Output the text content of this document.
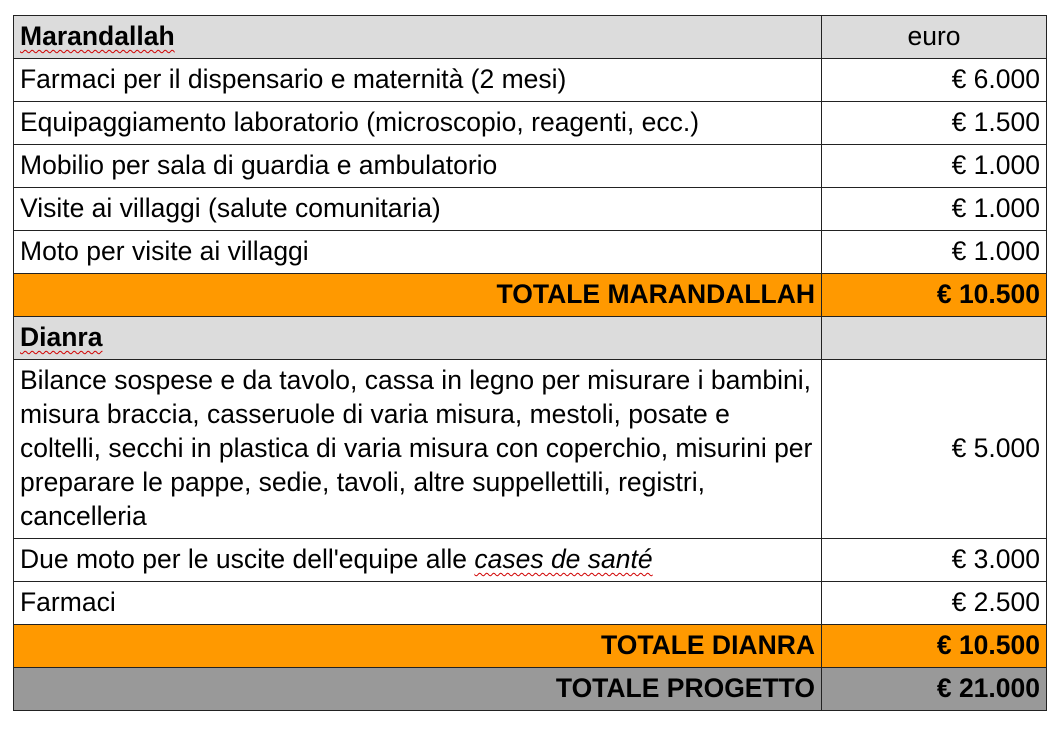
Marandallah	euro
Farmaci per il dispensario e maternità (2 mesi)	€ 6.000
Equipaggiamento laboratorio (microscopio, reagenti, ecc.)	€ 1.500
Mobilio per sala di guardia e ambulatorio	€ 1.000
Visite ai villaggi (salute comunitaria)	€ 1.000
Moto per visite ai villaggi	€ 1.000
TOTALE MARANDALLAH	€ 10.500
Dianra	
Bilance sospese e da tavolo, cassa in legno per misurare i bambini, misura braccia, casseruole di varia misura, mestoli, posate e coltelli, secchi in plastica di varia misura con coperchio, misurini per preparare le pappe, sedie, tavoli, altre suppellettili, registri, cancelleria	€ 5.000
Due moto per le uscite dell'equipe alle cases de santé	€ 3.000
Farmaci	€ 2.500
TOTALE DIANRA	€ 10.500
TOTALE PROGETTO	€ 21.000
